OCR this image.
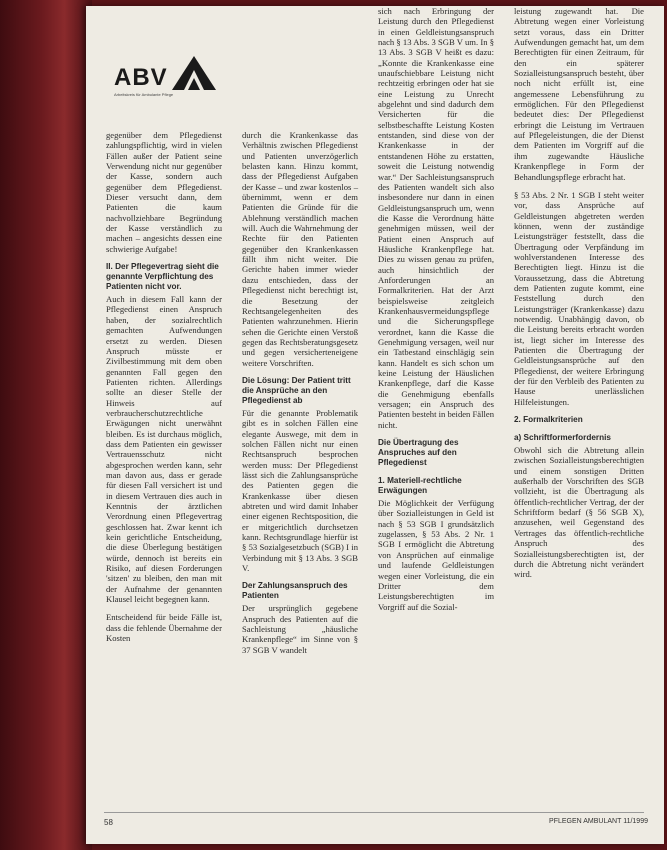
ABV
Arbeitskreis für Ambulante Pflege

gegenüber dem Pflegedienst zahlungspflichtig, wird in vielen Fällen außer der Patient seine Verwendung nicht nur gegenüber der Kasse, sondern auch gegenüber dem Pflegedienst. Dieser versucht dann, dem Patienten die kaum nachvollziehbare Begründung der Kasse verständlich zu machen – angesichts dessen eine schwierige Aufgabe!

II. Der Pflegevertrag sieht die genannte Verpflichtung des Patienten nicht vor.

Auch in diesem Fall kann der Pflegedienst einen Anspruch haben, der sozialrechtlich gemachten Aufwendungen ersetzt zu werden. Diesen Anspruch müsste er Zivilbestimmung mit dem oben genannten Fall gegen den Patienten richten. Allerdings sollte an dieser Stelle der Hinweis auf verbraucherschutzrechtliche Erwägungen nicht unerwähnt bleiben. Es ist durchaus möglich, dass dem Patienten ein gewisser Vertrauensschutz nicht abgesprochen werden kann, sehr man davon aus, dass er gerade für diesen Fall versichert ist und in diesem Vertrauen dies auch in Kenntnis der ärztlichen Verordnung einen Pflegevertrag geschlossen hat. Zwar kennt ich kein gerichtliche Entscheidung, die diese Überlegung bestätigen würde, dennoch ist bereits ein Risiko, auf diesen Forderungen 'sitzen' zu bleiben, den man mit der Aufnahme der genannten Klausel leicht begegnen kann.

Entscheidend für beide Fälle ist, dass die fehlende Übernahme der Kosten

durch die Krankenkasse das Verhältnis zwischen Pflegedienst und Patienten unverzögerlich belasten kann. Hinzu kommt, dass der Pflegedienst Aufgaben der Kasse – und zwar kostenlos – übernimmt, wenn er dem Patienten die Gründe für die Ablehnung verständlich machen will. Auch die Wahrnehmung der Rechte für den Patienten gegenüber den Krankenkassen fällt ihm nicht weiter. Die Gerichte haben immer wieder dazu entschieden, dass der Pflegedienst nicht berechtigt ist, die Besetzung der Rechtsangelegenheiten des Patienten wahrzunehmen. Hierin sehen die Gerichte einen Verstoß gegen das Rechtsberatungsgesetz und gegen versicherteneigene weitere Vorschriften.

Die Lösung: Der Patient tritt die Ansprüche an den Pflegedienst ab

Für die genannte Problematik gibt es in solchen Fällen eine elegante Auswege, mit dem in solchen Fällen nicht nur einen Rechtsanspruch besprochen werden muss: Der Pflegedienst lässt sich die Zahlungsansprüche des Patienten gegen die Krankenkasse über diesen abtreten und wird damit Inhaber einer eigenen Rechtsposition, die er mitgerichtlich durchsetzen kann. Rechtsgrundlage hierfür ist § 53 Sozialgesetzbuch (SGB) I in Verbindung mit § 13 Abs. 3 SGB V.

Der Zahlungsanspruch des Patienten

Der ursprünglich gegebene Anspruch des Patienten auf die Sachleistung „häusliche Krankenpflege“ im Sinne von § 37 SGB V wandelt

sich nach Erbringung der Leistung durch den Pflegedienst in einen Geldleistungsanspruch nach § 13 Abs. 3 SGB V um. In § 13 Abs. 3 SGB V heißt es dazu: „Konnte die Krankenkasse eine unaufschiebbare Leistung nicht rechtzeitig erbringen oder hat sie eine Leistung zu Unrecht abgelehnt und sind dadurch dem Versicherten für die selbstbeschaffte Leistung Kosten entstanden, sind diese von der Krankenkasse in der entstandenen Höhe zu erstatten, soweit die Leistung notwendig war.“ Der Sachleistungsanspruch des Patienten wandelt sich also insbesondere nur dann in einen Geldleistungsanspruch um, wenn die Kasse die Verordnung hätte genehmigen müssen, weil der Patient einen Anspruch auf Häusliche Krankenpflege hat. Dies zu wissen genau zu prüfen, auch hinsichtlich der Anforderungen an Formalkriterien. Hat der Arzt beispielsweise zeitgleich Krankenhausvermeidungspflege und die Sicherungspflege verordnet, kann die Kasse die Genehmigung versagen, weil nur ein Tatbestand einschlägig sein kann. Handelt es sich schon um keine Leistung der Häuslichen Krankenpflege, darf die Kasse die Genehmigung ebenfalls versagen; ein Anspruch des Patienten besteht in beiden Fällen nicht.

Die Übertragung des Anspruches auf den Pflegedienst

1. Materiell-rechtliche Erwägungen

Die Möglichkeit der Verfügung über Sozialleistungen in Geld ist nach § 53 SGB I grundsätzlich zugelassen, § 53 Abs. 2 Nr. 1 SGB I ermöglicht die Abtretung von Ansprüchen auf einmalige und laufende Geldleistungen wegen einer Vorleistung, die ein Dritter dem Leistungsberechtigten im Vorgriff auf die Sozial-

leistung zugewandt hat. Die Abtretung wegen einer Vorleistung setzt voraus, dass ein Dritter Aufwendungen gemacht hat, um dem Berechtigten für einen Zeitraum, für den ein späterer Sozialleistungsanspruch besteht, über noch nicht erfüllt ist, eine angemessene Lebensführung zu ermöglichen. Für den Pflegedienst bedeutet dies: Der Pflegedienst erbringt die Leistung im Vertrauen auf Pflegeleistungen, die der Dienst dem Patienten im Vorgriff auf die ihm zugewandte Häusliche Krankenpflege in Form der Behandlungspflege erbracht hat.

§ 53 Abs. 2 Nr. 1 SGB I steht weiter vor, dass Ansprüche auf Geldleistungen abgetreten werden können, wenn der zuständige Leistungsträger feststellt, dass die Übertragung oder Verpfändung im wohlverstandenen Interesse des Berechtigten liegt. Hinzu ist die Voraussetzung, dass die Abtretung dem Patienten zugute kommt, eine Feststellung durch den Leistungsträger (Krankenkasse) dazu notwendig. Unabhängig davon, ob die Leistung bereits erbracht worden ist, liegt sicher im Interesse des Patienten die Übertragung der Geldleistungsansprüche auf den Pflegedienst, der weitere Erbringung der für den Verbleib des Patienten zu Hause unerlässlichen Hilfeleistungen.

2. Formalkriterien

a) Schriftformerfordernis

Obwohl sich die Abtretung allein zwischen Sozialleistungsberechtigten und einem sonstigen Dritten außerhalb der Vorschriften des SGB vollzieht, ist die Übertragung als öffentlich-rechtlicher Vertrag, der der Schriftform bedarf (§ 56 SGB X), anzusehen, weil Gegenstand des Vertrages das öffentlich-rechtliche Anspruch des Sozialleistungsberechtigten ist, der durch die Abtretung nicht verändert wird.

58	PFLEGEN AMBULANT 11/1999
